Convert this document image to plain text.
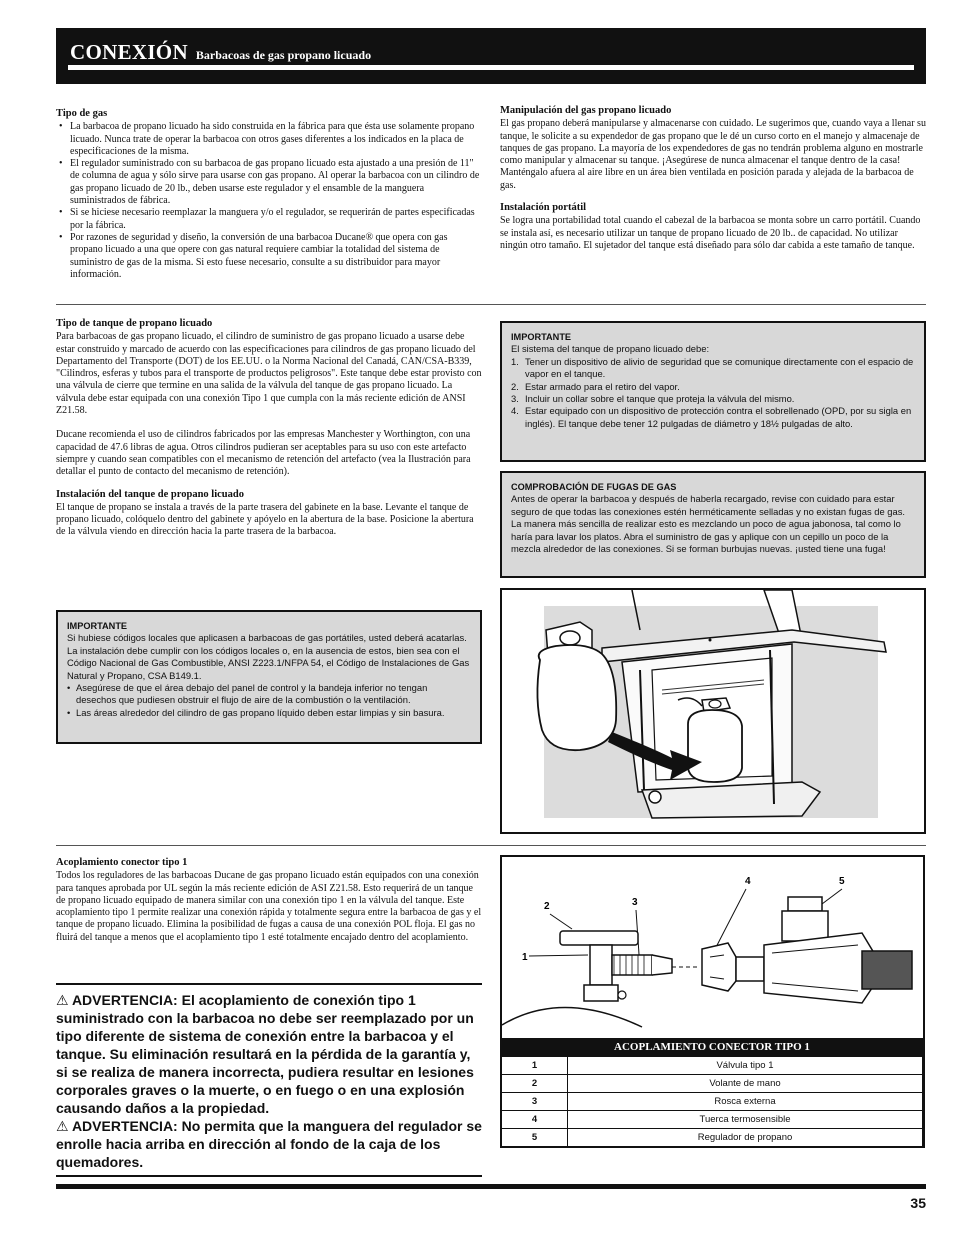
CONEXIÓN Barbacoas de gas propano licuado
Tipo de gas
• La barbacoa de propano licuado ha sido construida en la fábrica para que ésta use solamente propano licuado. Nunca trate de operar la barbacoa con otros gases diferentes a los indicados en la placa de especificaciones de la misma.
• El regulador suministrado con su barbacoa de gas propano licuado esta ajustado a una presión de 11" de columna de agua y sólo sirve para usarse con gas propano. Al operar la barbacoa con un cilindro de gas propano licuado de 20 lb., deben usarse este regulador y el ensamble de la manguera suministrados de fábrica.
• Si se hiciese necesario reemplazar la manguera y/o el regulador, se requerirán de partes especificadas por la fábrica.
• Por razones de seguridad y diseño, la conversión de una barbacoa Ducane® que opera con gas propano licuado a una que opere con gas natural requiere cambiar la totalidad del sistema de suministro de gas de la misma. Si esto fuese necesario, consulte a su distribuidor para mayor información.
Manipulación del gas propano licuado

El gas propano deberá manipularse y almacenarse con cuidado. Le sugerimos que, cuando vaya a llenar su tanque, le solicite a su expendedor de gas propano que le dé un curso corto en el manejo y almacenaje de tanques de gas propano. La mayoría de los expendedores de gas no tendrán problema alguno en mostrarle como manipular y almacenar su tanque. ¡Asegúrese de nunca almacenar el tanque dentro de la casa! Manténgalo afuera al aire libre en un área bien ventilada en posición parada y alejada de la barbacoa de gas.

Instalación portátil

Se logra una portabilidad total cuando el cabezal de la barbacoa se monta sobre un carro portátil. Cuando se instala así, es necesario utilizar un tanque de propano licuado de 20 lb.. de capacidad. No utilizar ningún otro tamaño. El sujetador del tanque está diseñado para sólo dar cabida a este tamaño de tanque.

Tipo de tanque de propano licuado

Para barbacoas de gas propano licuado, el cilindro de suministro de gas propano licuado a usarse debe estar construido y marcado de acuerdo con las especificaciones para cilindros de gas propano licuado del Departamento del Transporte (DOT) de los EE.UU. o la Norma Nacional del Canadá, CAN/CSA-B339, "Cilindros, esferas y tubos para el transporte de productos peligrosos". Este tanque debe estar provisto con una válvula de cierre que termine en una salida de la válvula del tanque de gas propano licuado. La válvula debe estar equipada con una conexión Tipo 1 que cumpla con la más reciente edición de ANSI Z21.58.

Ducane recomienda el uso de cilindros fabricados por las empresas Manchester y Worthington, con una capacidad de 47.6 libras de agua. Otros cilindros pudieran ser aceptables para su uso con este artefacto siempre y cuando sean compatibles con el mecanismo de retención del artefacto (vea la Ilustración para detallar el punto de contacto del mecanismo de retención).

Instalación del tanque de propano licuado

El tanque de propano se instala a través de la parte trasera del gabinete en la base. Levante el tanque de propano licuado, colóquelo dentro del gabinete y apóyelo en la abertura de la base. Posicione la abertura de la válvula viendo en dirección hacia la parte trasera de la barbacoa.

IMPORTANTE

Si hubiese códigos locales que aplicasen a barbacoas de gas portátiles, usted deberá acatarlas. La instalación debe cumplir con los códigos locales o, en la ausencia de estos, bien sea con el Código Nacional de Gas Combustible, ANSI Z223.1/NFPA 54, el Código de Instalaciones de Gas Natural y Propano, CSA B149.1.

• Asegúrese de que el área debajo del panel de control y la bandeja inferior no tengan desechos que pudiesen obstruir el flujo de aire de la combustión o la ventilación.
• Las áreas alrededor del cilindro de gas propano líquido deben estar limpias y sin basura.
IMPORTANTE

El sistema del tanque de propano licuado debe:

1. Tener un dispositivo de alivio de seguridad que se comunique directamente con el espacio de vapor en el tanque.
2. Estar armado para el retiro del vapor.
3. Incluir un collar sobre el tanque que proteja la válvula del mismo.
4. Estar equipado con un dispositivo de protección contra el sobrellenado (OPD, por su sigla en inglés). El tanque debe tener 12 pulgadas de diámetro y 18½ pulgadas de alto.
COMPROBACIÓN DE FUGAS DE GAS

Antes de operar la barbacoa y después de haberla recargado, revise con cuidado para estar seguro de que todas las conexiones estén herméticamente selladas y no existan fugas de gas. La manera más sencilla de realizar esto es mezclando un poco de agua jabonosa, tal como lo haría para lavar los platos. Abra el suministro de gas y aplique con un cepillo un poco de la mezcla alrededor de las conexiones. Si se forman burbujas nuevas. ¡usted tiene una fuga!

Acoplamiento conector tipo 1

Todos los reguladores de las barbacoas Ducane de gas propano licuado están equipados con una conexión para tanques aprobada por UL según la más reciente edición de ASI Z21.58. Esto requerirá de un tanque de propano licuado equipado de manera similar con una conexión tipo 1 en la válvula del tanque. Este acoplamiento tipo 1 permite realizar una conexión rápida y totalmente segura entre la barbacoa de gas y el tanque de propano licuado. Elimina la posibilidad de fugas a causa de una conexión POL floja. El gas no fluirá del tanque a menos que el acoplamiento tipo 1 esté totalmente encajado dentro del acoplamiento.

⚠ ADVERTENCIA: El acoplamiento de conexión tipo 1 suministrado con la barbacoa no debe ser reemplazado por un tipo diferente de sistema de conexión entre la barbacoa y el tanque. Su eliminación resultará en la pérdida de la garantía y, si se realiza de manera incorrecta, pudiera resultar en lesiones corporales graves o la muerte, o en fuego o en una explosión causando daños a la propiedad.

⚠ ADVERTENCIA: No permita que la manguera del regulador se enrolle hacia arriba en dirección al fondo de la caja de los quemadores.

1
2	3
4	5
ACOPLAMIENTO CONECTOR TIPO 1	
1	Válvula tipo 1
2	Volante de mano
3	Rosca externa
4	Tuerca termosensible
5	Regulador de propano
35
